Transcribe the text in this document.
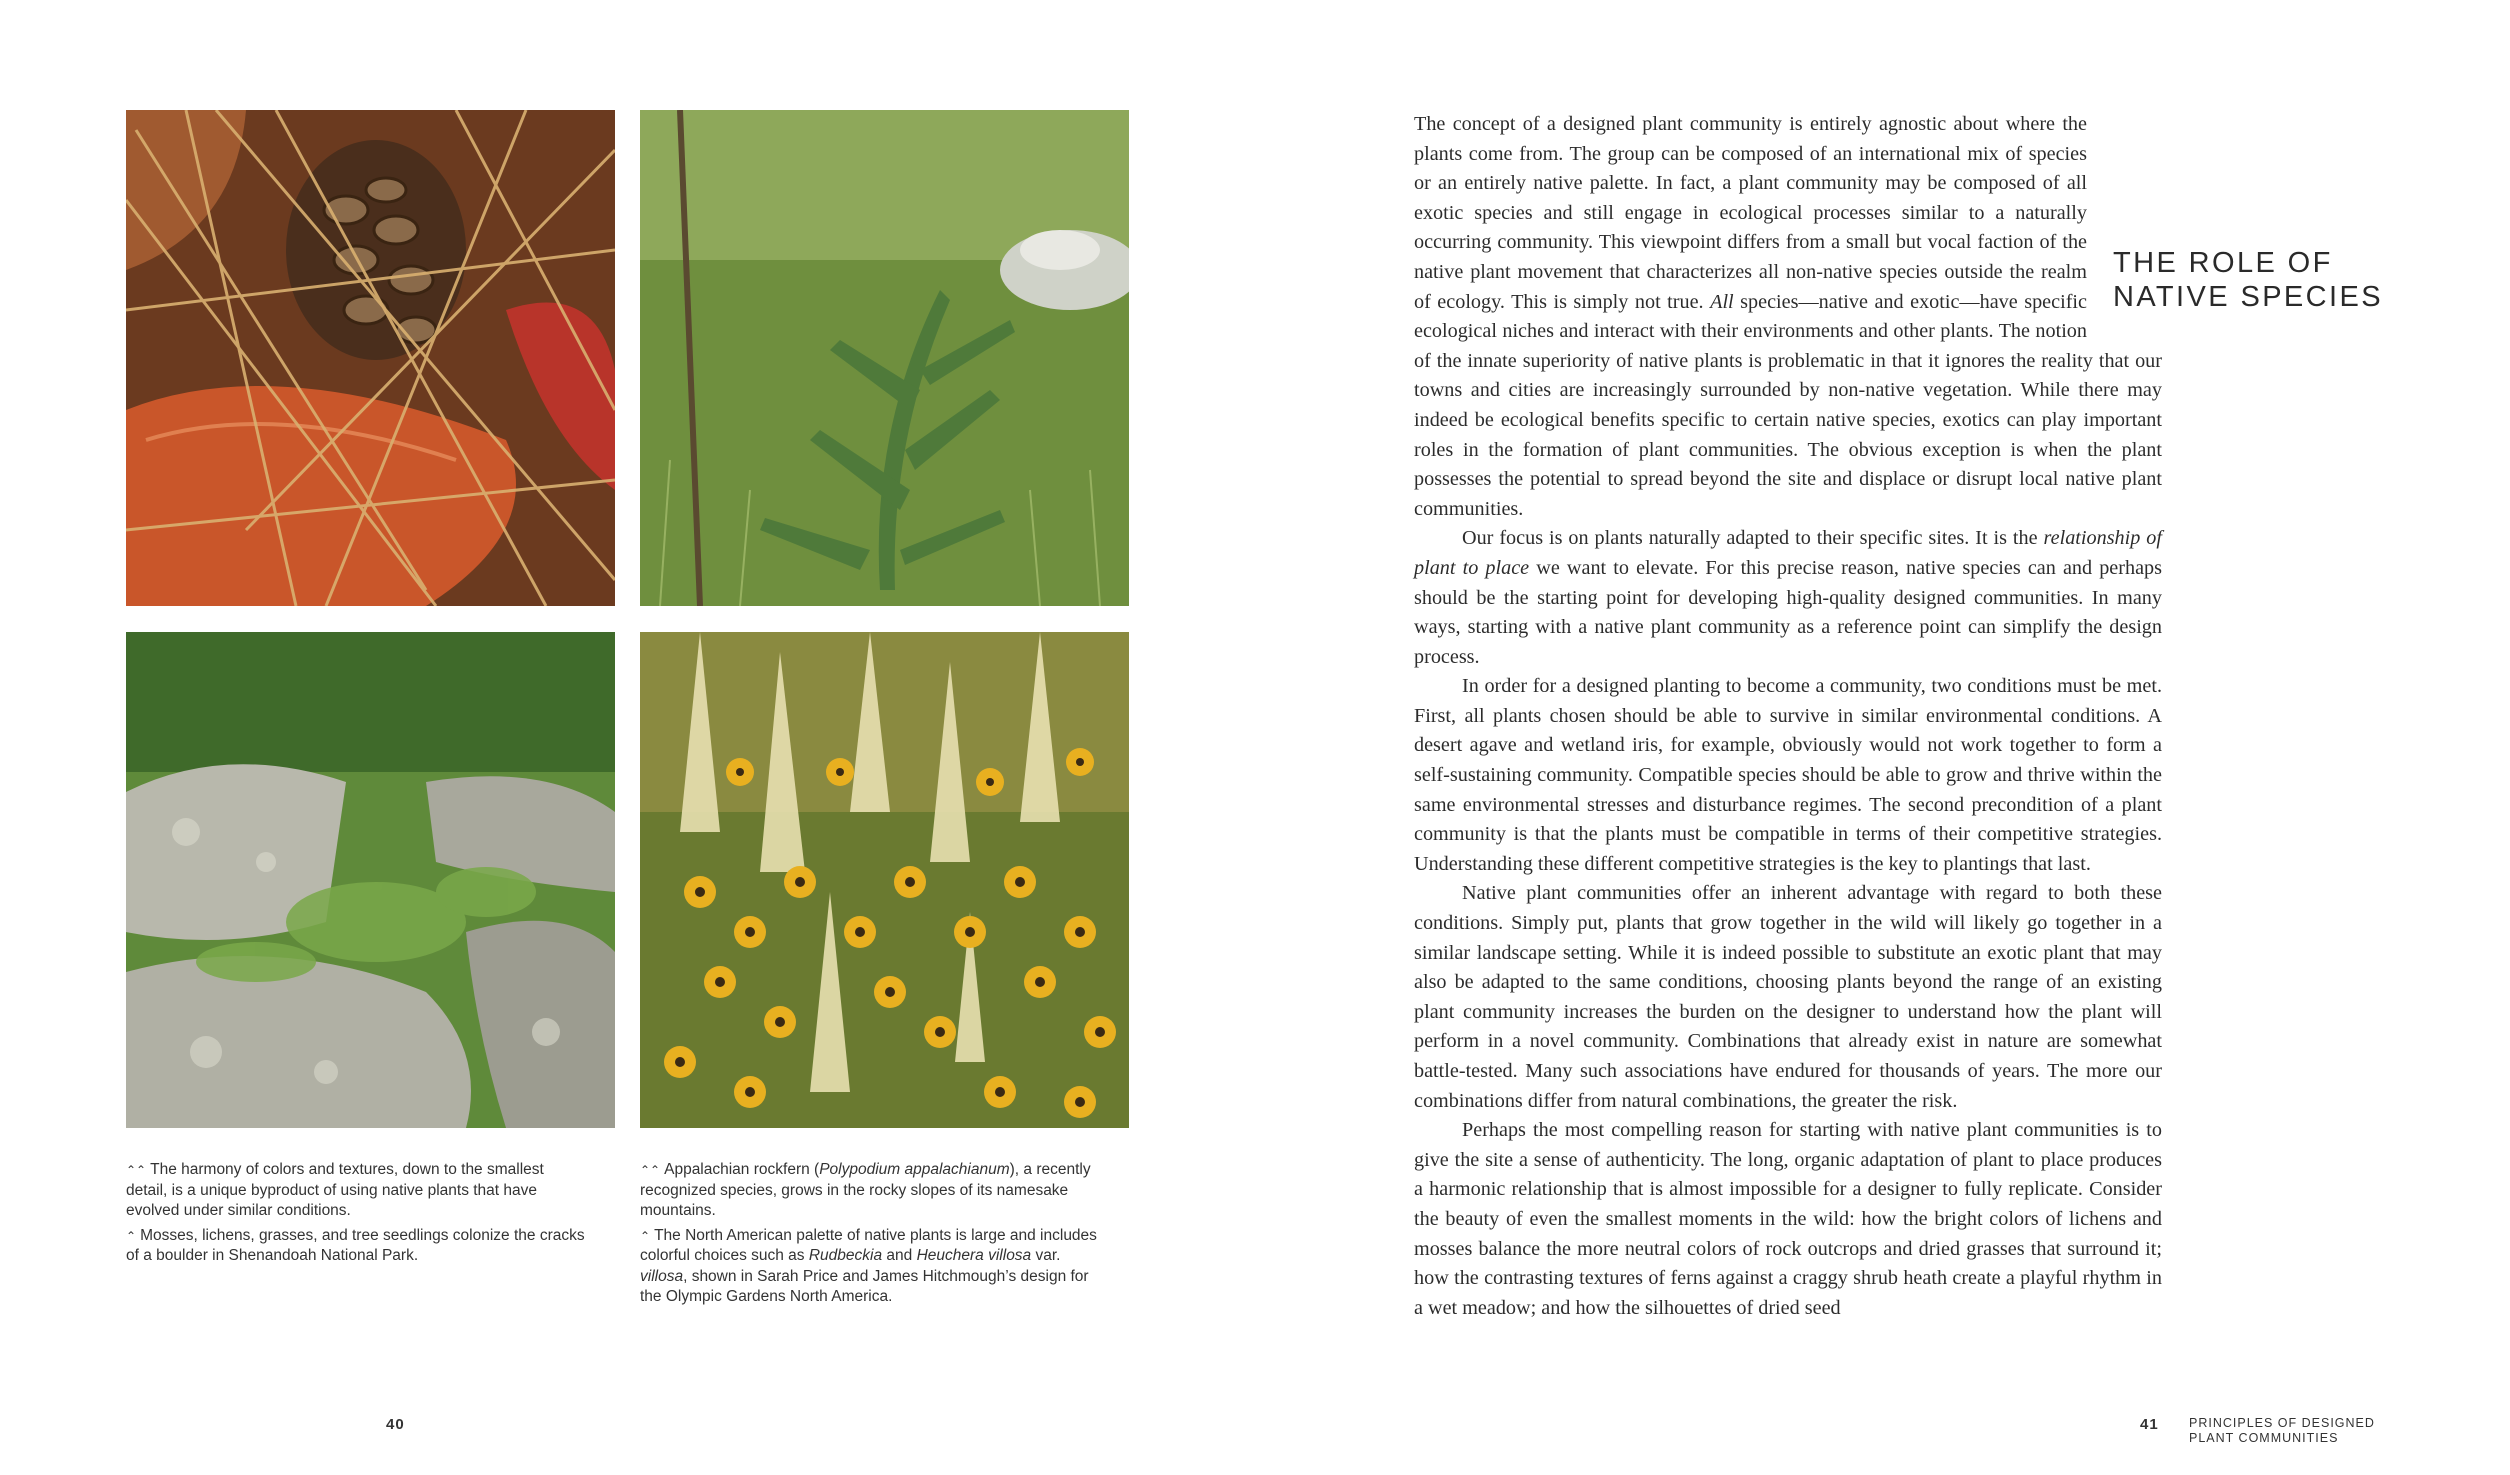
⌃⌃ The harmony of colors and textures, down to the smallest detail, is a unique byproduct of using native plants that have evolved under similar conditions.

⌃ Mosses, lichens, grasses, and tree seedlings colonize the cracks of a boulder in Shenandoah National Park.

⌃⌃ Appalachian rockfern (Polypodium appalachianum), a recently recognized species, grows in the rocky slopes of its namesake mountains.

⌃ The North American palette of native plants is large and includes colorful choices such as Rudbeckia and Heuchera villosa var. villosa, shown in Sarah Price and James Hitchmough’s design for the Olympic Gardens North America.

40
THE ROLE OF
NATIVE SPECIES

The concept of a designed plant community is entirely agnostic about where the plants come from. The group can be composed of an international mix of species or an entirely native palette. In fact, a plant community may be composed of all exotic species and still engage in ecological processes similar to a naturally occurring community. This viewpoint differs from a small but vocal faction of the native plant movement that characterizes all non-native species outside the realm of ecology. This is simply not true. All species—native and exotic—have specific ecological niches and interact with their environments and other plants. The notion of the innate superiority of native plants is problematic in that it ignores the reality that our towns and cities are increasingly surrounded by non-native vegetation. While there may indeed be ecological benefits specific to certain native species, exotics can play important roles in the formation of plant communities. The obvious exception is when the plant possesses the potential to spread beyond the site and displace or disrupt local native plant communities.

Our focus is on plants naturally adapted to their specific sites. It is the relationship of plant to place we want to elevate. For this precise reason, native species can and perhaps should be the starting point for developing high-quality designed communities. In many ways, starting with a native plant community as a reference point can simplify the design process.

In order for a designed planting to become a community, two conditions must be met. First, all plants chosen should be able to survive in similar environmental conditions. A desert agave and wetland iris, for example, obviously would not work together to form a self-sustaining community. Compatible species should be able to grow and thrive within the same environmental stresses and disturbance regimes. The second precondition of a plant community is that the plants must be compatible in terms of their competitive strategies. Understanding these different competitive strategies is the key to plantings that last.

Native plant communities offer an inherent advantage with regard to both these conditions. Simply put, plants that grow together in the wild will likely go together in a similar landscape setting. While it is indeed possible to substitute an exotic plant that may also be adapted to the same conditions, choosing plants beyond the range of an existing plant community increases the burden on the designer to understand how the plant will perform in a novel community. Combinations that already exist in nature are somewhat battle-tested. Many such associations have endured for thousands of years. The more our combinations differ from natural combinations, the greater the risk.

Perhaps the most compelling reason for starting with native plant communities is to give the site a sense of authenticity. The long, organic adaptation of plant to place produces a harmonic relationship that is almost impossible for a designer to fully replicate. Consider the beauty of even the smallest moments in the wild: how the bright colors of lichens and mosses balance the more neutral colors of rock outcrops and dried grasses that surround it; how the contrasting textures of ferns against a craggy shrub heath create a playful rhythm in a wet meadow; and how the silhouettes of dried seed

41 PRINCIPLES OF DESIGNED PLANT COMMUNITIES
